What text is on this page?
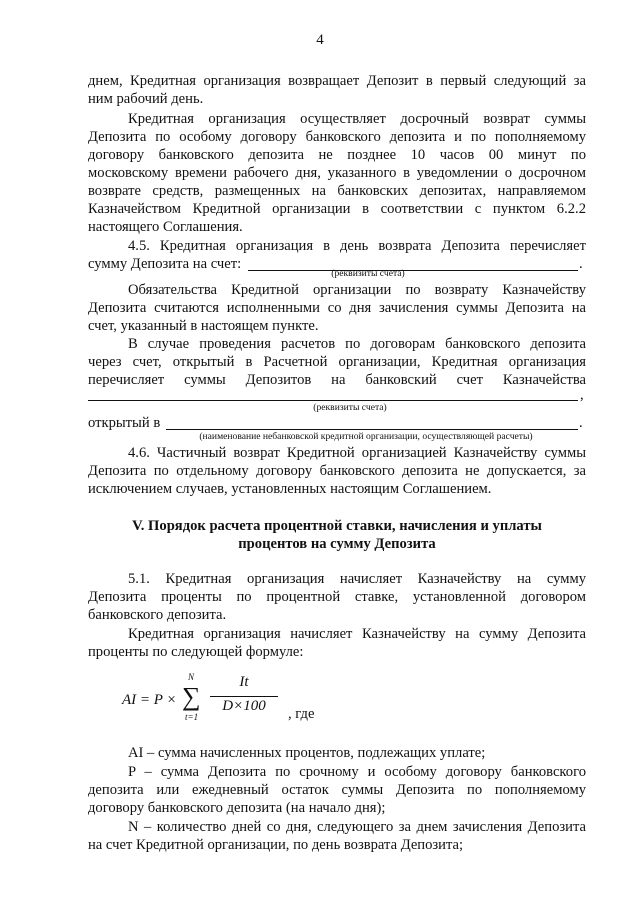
4

днем, Кредитная организация возвращает Депозит в первый следующий за

ним рабочий день.

Кредитная организация осуществляет досрочный возврат суммы

Депозита по особому договору банковского депозита и по пополняемому

договору банковского депозита не позднее 10 часов 00 минут по

московскому времени рабочего дня, указанного в уведомлении о досрочном

возврате средств, размещенных на банковских депозитах, направляемом

Казначейством Кредитной организации в соответствии с пунктом 6.2.2

настоящего Соглашения.

4.5. Кредитная организация в день возврата Депозита перечисляет

сумму Депозита на счет:	.
(реквизиты счета)

Обязательства Кредитной организации по возврату Казначейству

Депозита считаются исполненными со дня зачисления суммы Депозита на

счет, указанный в настоящем пункте.

В случае проведения расчетов по договорам банковского депозита

через счет, открытый в Расчетной организации, Кредитная организация

перечисляет суммы Депозитов на банковский счет Казначейства

,
(реквизиты счета)
открытый в	.
(наименование небанковской кредитной организации, осуществляющей расчеты)

4.6. Частичный возврат Кредитной организацией Казначейству суммы

Депозита по отдельному договору банковского депозита не допускается, за

исключением случаев, установленных настоящим Соглашением.

V. Порядок расчета процентной ставки, начисления и уплаты
процентов на сумму Депозита

5.1. Кредитная организация начисляет Казначейству на сумму

Депозита проценты по процентной ставке, установленной договором

банковского депозита.

Кредитная организация начисляет Казначейству на сумму Депозита

проценты по следующей формуле:

AI = P × ∑
N
t=1
It
D×100	, где

AI – сумма начисленных процентов, подлежащих уплате;

P – сумма Депозита по срочному и особому договору банковского

депозита или ежедневный остаток суммы Депозита по пополняемому

договору банковского депозита (на начало дня);

N – количество дней со дня, следующего за днем зачисления Депозита

на счет Кредитной организации, по день возврата Депозита;
